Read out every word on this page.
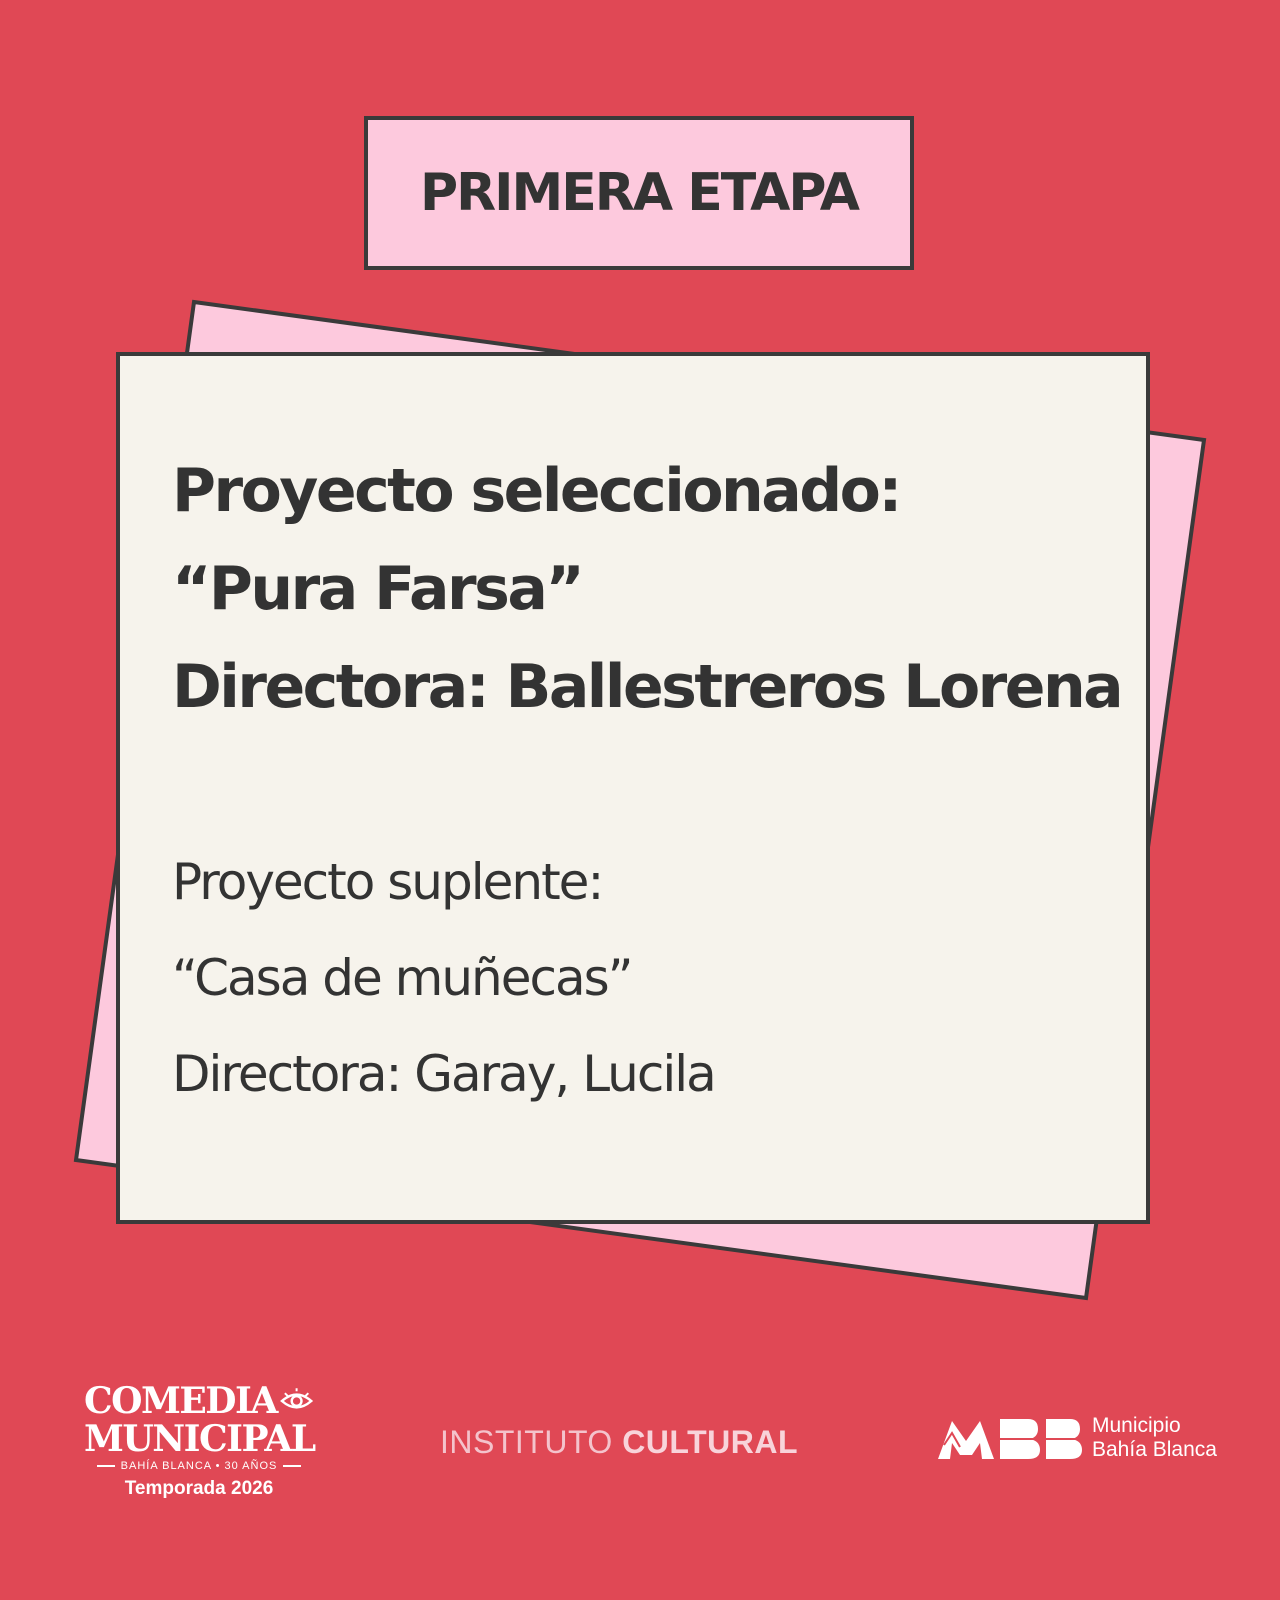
PRIMERA ETAPA
Proyecto seleccionado:
“Pura Farsa”
Directora: Ballestreros Lorena
Proyecto suplente:
“Casa de muñecas”
Directora: Garay, Lucila
COMEDIA
MUNICIPAL
BAHÍA BLANCA • 30 AÑOS
Temporada 2026
INSTITUTO CULTURAL	Municipio
Bahía Blanca
